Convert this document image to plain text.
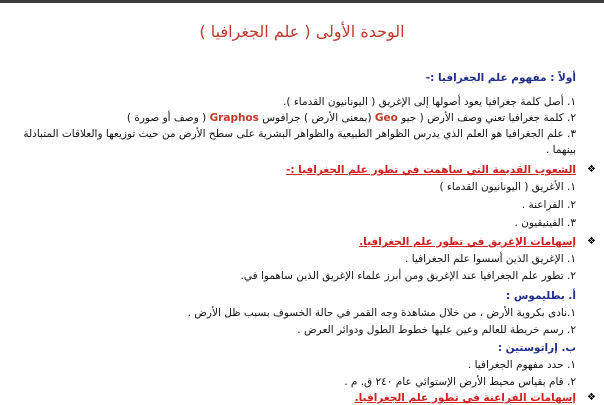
الوحدة الأولى ( علم الجغرافيا )
أولاً : مفهوم علم الجغرافيا :-
١. أصل كلمة جغرافيا يعود أصولها إلى الإغريق ( اليونانيون القدماء ).
٢. كلمة جغرافيا تعني وصف الأرض ( جيو Geo (بمعنى الأرض ) جرافوس Graphos ( وصف أو صورة )
٣. علم الجغرافيا هو العلم الذي يدرس الظواهر الطبيعية والظواهر البشرية على سطح الأرض من حيث توزيعها والعلاقات المتبادلة
بينهما .
❖
الشعوب القديمة التي ساهمت في تطور علم الجغرافيا :-
١. الأغريق ( اليونانيون القدماء )
٢. الفراعنة .
٣. الفينيقيون .
❖
إسهامات الإغريق في تطور علم الجغرافيا.
١. الإغريق الذين أسسوا علم الجغرافيا .
٢. تطور علم الجغرافيا عند الإغريق ومن أبرز علماء الإغريق الذين ساهموا في.
أ. بطليموس :
١.نادى بكروية الأرض ، من خلال مشاهدة وجه القمر في حالة الخسوف بسبب ظل الأرض .
٢. رسم خريطة للعالم وعين عليها خطوط الطول ودوائر العرض .
ب. إراتوستين :
١. حدد مفهوم الجغرافيا .
٢. قام بقياس محيط الأرض الإستوائي عام ٢٤٠ ق. م .
❖
إسهامات الفراعنة في تطور علم الجغرافيا.
